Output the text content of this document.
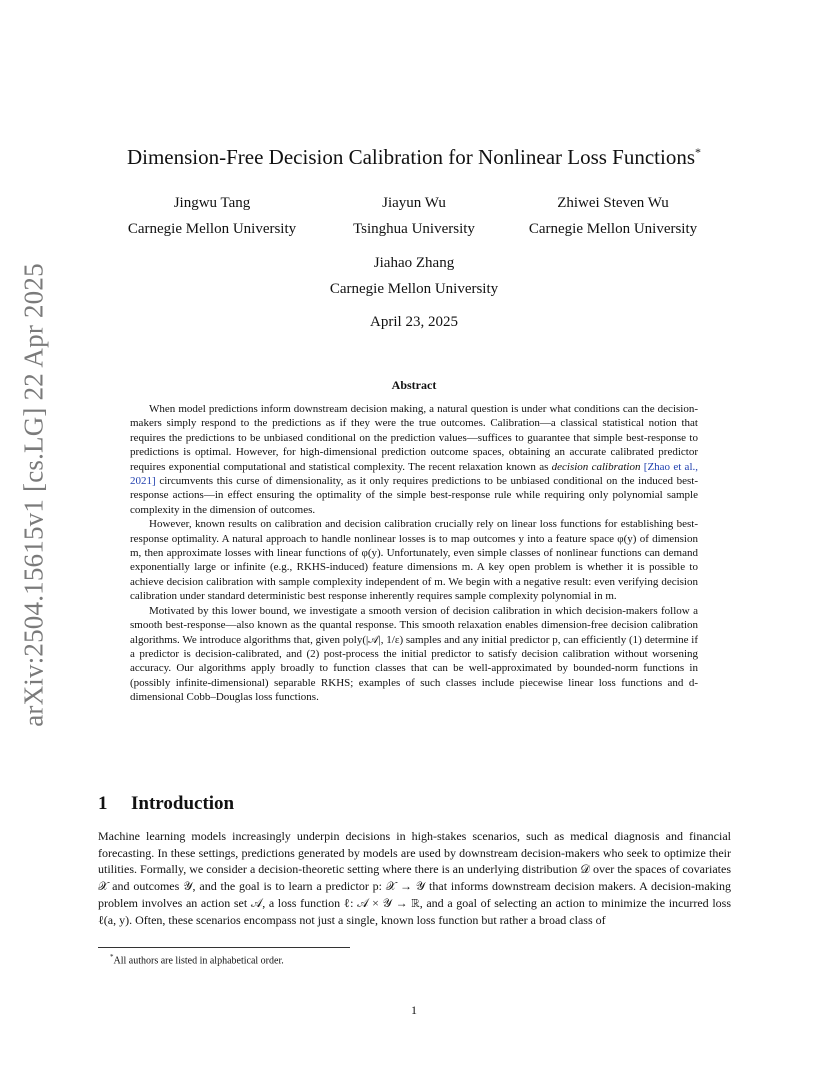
arXiv:2504.15615v1 [cs.LG] 22 Apr 2025
Dimension-Free Decision Calibration for Nonlinear Loss Functions*
Jingwu Tang
Carnegie Mellon University
Jiayun Wu
Tsinghua University
Zhiwei Steven Wu
Carnegie Mellon University
Jiahao Zhang
Carnegie Mellon University
April 23, 2025
Abstract

When model predictions inform downstream decision making, a natural question is under what conditions can the decision-makers simply respond to the predictions as if they were the true outcomes. Calibration—a classical statistical notion that requires the predictions to be unbiased conditional on the prediction values—suffices to guarantee that simple best-response to predictions is optimal. However, for high-dimensional prediction outcome spaces, obtaining an accurate calibrated predictor requires exponential computational and statistical complexity. The recent relaxation known as decision calibration [Zhao et al., 2021] circumvents this curse of dimensionality, as it only requires predictions to be unbiased conditional on the induced best-response actions—in effect ensuring the optimality of the simple best-response rule while requiring only polynomial sample complexity in the dimension of outcomes.

However, known results on calibration and decision calibration crucially rely on linear loss functions for establishing best-response optimality. A natural approach to handle nonlinear losses is to map outcomes y into a feature space φ(y) of dimension m, then approximate losses with linear functions of φ(y). Unfortunately, even simple classes of nonlinear functions can demand exponentially large or infinite (e.g., RKHS-induced) feature dimensions m. A key open problem is whether it is possible to achieve decision calibration with sample complexity independent of m. We begin with a negative result: even verifying decision calibration under standard deterministic best response inherently requires sample complexity polynomial in m.

Motivated by this lower bound, we investigate a smooth version of decision calibration in which decision-makers follow a smooth best-response—also known as the quantal response. This smooth relaxation enables dimension-free decision calibration algorithms. We introduce algorithms that, given poly(|𝒜|, 1/ε) samples and any initial predictor p, can efficiently (1) determine if a predictor is decision-calibrated, and (2) post-process the initial predictor to satisfy decision calibration without worsening accuracy. Our algorithms apply broadly to function classes that can be well-approximated by bounded-norm functions in (possibly infinite-dimensional) separable RKHS; examples of such classes include piecewise linear loss functions and d-dimensional Cobb–Douglas loss functions.

1 Introduction

Machine learning models increasingly underpin decisions in high-stakes scenarios, such as medical diagnosis and financial forecasting. In these settings, predictions generated by models are used by downstream decision-makers who seek to optimize their utilities. Formally, we consider a decision-theoretic setting where there is an underlying distribution 𝒟 over the spaces of covariates 𝒳 and outcomes 𝒴, and the goal is to learn a predictor p: 𝒳 → 𝒴 that informs downstream decision makers. A decision-making problem involves an action set 𝒜, a loss function ℓ: 𝒜 × 𝒴 → ℝ, and a goal of selecting an action to minimize the incurred loss ℓ(a, y). Often, these scenarios encompass not just a single, known loss function but rather a broad class of

*All authors are listed in alphabetical order.
1
